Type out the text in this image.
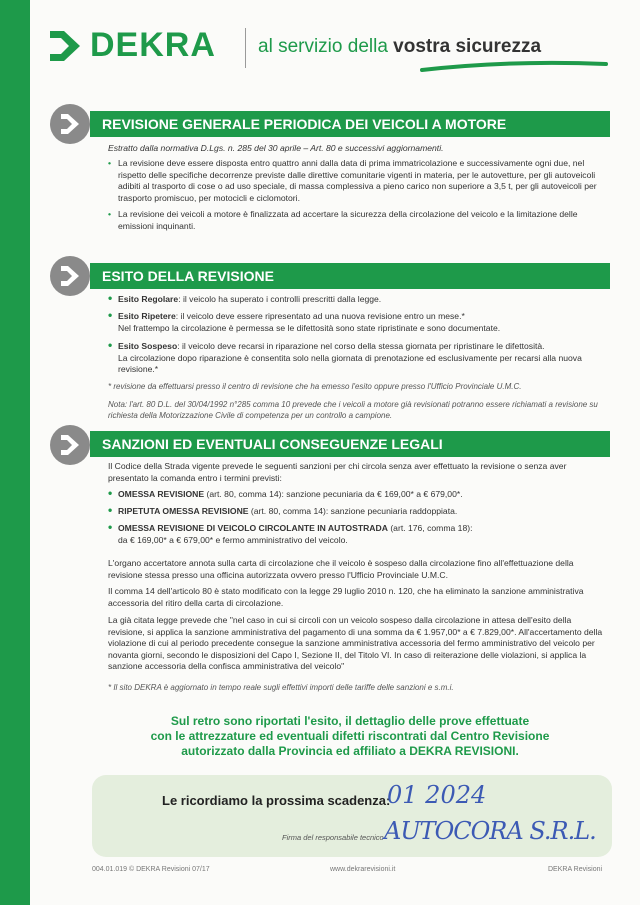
DEKRA al servizio della vostra sicurezza
REVISIONE GENERALE PERIODICA DEI VEICOLI A MOTORE
Estratto dalla normativa D.Lgs. n. 285 del 30 aprile – Art. 80 e successivi aggiornamenti.
• La revisione deve essere disposta entro quattro anni dalla data di prima immatricolazione e successivamente ogni due, nel rispetto delle specifiche decorrenze previste dalle direttive comunitarie vigenti in materia, per le autovetture, per gli autoveicoli adibiti al trasporto di cose o ad uso speciale, di massa complessiva a pieno carico non superiore a 3,5 t, per gli autoveicoli per trasporto promiscuo, per motocicli e ciclomotori.
• La revisione dei veicoli a motore è finalizzata ad accertare la sicurezza della circolazione del veicolo e la limitazione delle emissioni inquinanti.
ESITO DELLA REVISIONE
• Esito Regolare: il veicolo ha superato i controlli prescritti dalla legge.
• Esito Ripetere: il veicolo deve essere ripresentato ad una nuova revisione entro un mese.*
Nel frattempo la circolazione è permessa se le difettosità sono state ripristinate e sono documentate.
• Esito Sospeso: il veicolo deve recarsi in riparazione nel corso della stessa giornata per ripristinare le difettosità.
La circolazione dopo riparazione è consentita solo nella giornata di prenotazione ed esclusivamente per recarsi alla nuova revisione.*
* revisione da effettuarsi presso il centro di revisione che ha emesso l'esito oppure presso l'Ufficio Provinciale U.M.C.
Nota: l'art. 80 D.L. del 30/04/1992 n°285 comma 10 prevede che i veicoli a motore già revisionati potranno essere richiamati a revisione su richiesta della Motorizzazione Civile di competenza per un controllo a campione.
SANZIONI ED EVENTUALI CONSEGUENZE LEGALI
Il Codice della Strada vigente prevede le seguenti sanzioni per chi circola senza aver effettuato la revisione o senza aver presentato la comanda entro i termini previsti:
• OMESSA REVISIONE (art. 80, comma 14): sanzione pecuniaria da € 169,00* a € 679,00*.
• RIPETUTA OMESSA REVISIONE (art. 80, comma 14): sanzione pecuniaria raddoppiata.
• OMESSA REVISIONE DI VEICOLO CIRCOLANTE IN AUTOSTRADA (art. 176, comma 18):
da € 169,00* a € 679,00* e fermo amministrativo del veicolo.
L'organo accertatore annota sulla carta di circolazione che il veicolo è sospeso dalla circolazione fino all'effettuazione della revisione stessa presso una officina autorizzata ovvero presso l'Ufficio Provinciale U.M.C.
Il comma 14 dell'articolo 80 è stato modificato con la legge 29 luglio 2010 n. 120, che ha eliminato la sanzione amministrativa accessoria del ritiro della carta di circolazione.
La già citata legge prevede che "nel caso in cui si circoli con un veicolo sospeso dalla circolazione in attesa dell'esito della revisione, si applica la sanzione amministrativa del pagamento di una somma da € 1.957,00* a € 7.829,00*. All'accertamento della violazione di cui al periodo precedente consegue la sanzione amministrativa accessoria del fermo amministrativo del veicolo per novanta giorni, secondo le disposizioni del Capo I, Sezione II, del Titolo VI. In caso di reiterazione delle violazioni, si applica la sanzione accessoria della confisca amministrativa del veicolo"
* Il sito DEKRA è aggiornato in tempo reale sugli effettivi importi delle tariffe delle sanzioni e s.m.i.
Sul retro sono riportati l'esito, il dettaglio delle prove effettuate
con le attrezzature ed eventuali difetti riscontrati dal Centro Revisione
autorizzato dalla Provincia ed affiliato a DEKRA REVISIONI.
Le ricordiamo la prossima scadenza:
01 2024
Firma del responsabile tecnico AUTOCORA S.R.L.
004.01.019 © DEKRA Revisioni 07/17	www.dekrarevisioni.it	DEKRA Revisioni
